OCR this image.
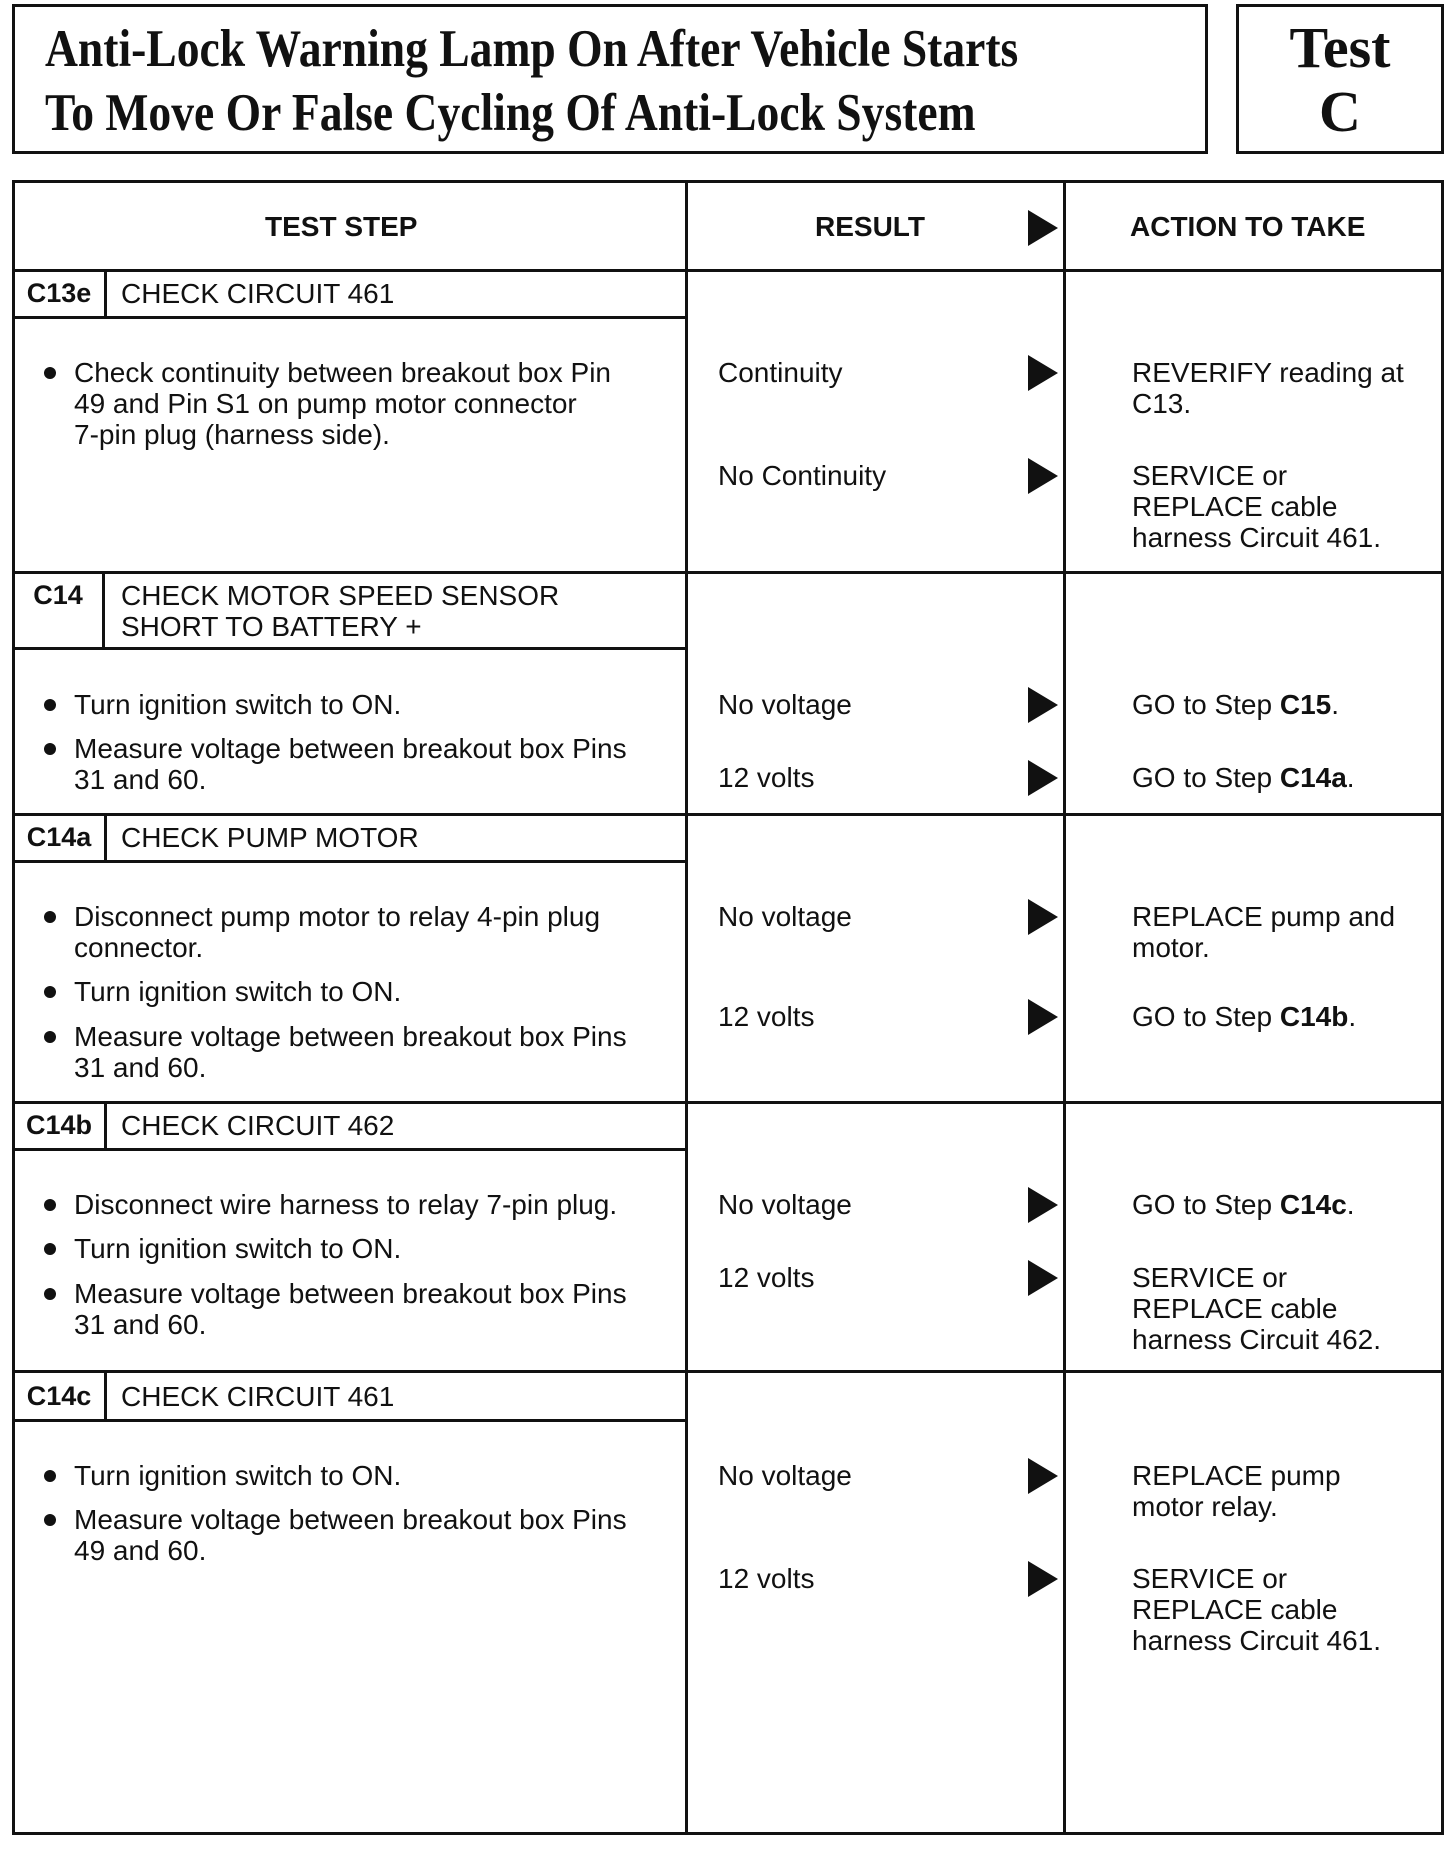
Anti-Lock Warning Lamp On After Vehicle Starts
To Move Or False Cycling Of Anti-Lock System
Test
C
TEST STEP	RESULT	ACTION TO TAKE
C13e	CHECK CIRCUIT 461
Check continuity between breakout box Pin
49 and Pin S1 on pump motor connector
7-pin plug (harness side).
Continuity	REVERIFY reading at
C13.
No Continuity	SERVICE or
REPLACE cable
harness Circuit 461.
C14	CHECK MOTOR SPEED SENSOR
SHORT TO BATTERY +
Turn ignition switch to ON.
Measure voltage between breakout box Pins
31 and 60.
No voltage	GO to Step C15.
12 volts	GO to Step C14a.
C14a	CHECK PUMP MOTOR
Disconnect pump motor to relay 4-pin plug
connector.
Turn ignition switch to ON.
Measure voltage between breakout box Pins
31 and 60.
No voltage	REPLACE pump and
motor.
12 volts	GO to Step C14b.
C14b	CHECK CIRCUIT 462
Disconnect wire harness to relay 7-pin plug.
Turn ignition switch to ON.
Measure voltage between breakout box Pins
31 and 60.
No voltage	GO to Step C14c.
12 volts	SERVICE or
REPLACE cable
harness Circuit 462.
C14c	CHECK CIRCUIT 461
Turn ignition switch to ON.
Measure voltage between breakout box Pins
49 and 60.
No voltage	REPLACE pump
motor relay.
12 volts	SERVICE or
REPLACE cable
harness Circuit 461.
